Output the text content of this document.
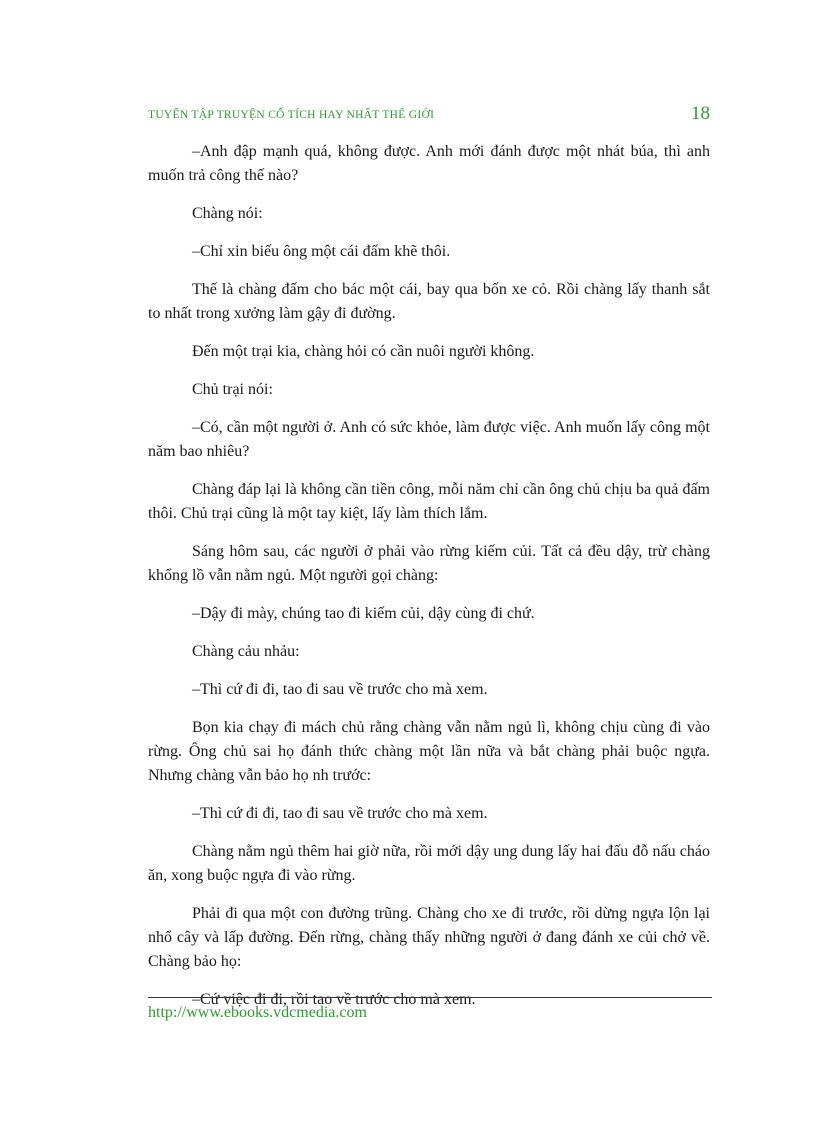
TUYỂN TẬP TRUYỆN CỔ TÍCH HAY NHẤT THẾ GIỚI	18

–Anh đập mạnh quá, không được. Anh mới đánh được một nhát búa, thì anh muốn trả công thế nào?

Chàng nói:

–Chỉ xin biếu ông một cái đấm khẽ thôi.

Thế là chàng đấm cho bác một cái, bay qua bốn xe cỏ. Rồi chàng lấy thanh sắt to nhất trong xưởng làm gậy đi đường.

Đến một trại kia, chàng hỏi có cần nuôi người không.

Chủ trại nói:

–Có, cần một người ở. Anh có sức khỏe, làm được việc. Anh muốn lấy công một năm bao nhiêu?

Chàng đáp lại là không cần tiền công, mỗi năm chỉ cần ông chủ chịu ba quả đấm thôi. Chủ trại cũng là một tay kiệt, lấy làm thích lắm.

Sáng hôm sau, các người ở phải vào rừng kiếm củi. Tất cả đều dậy, trừ chàng khổng lồ vẫn nằm ngủ. Một người gọi chàng:

–Dậy đi mày, chúng tao đi kiếm củi, dậy cùng đi chứ.

Chàng cảu nhảu:

–Thì cứ đi đi, tao đi sau về trước cho mà xem.

Bọn kia chạy đi mách chủ rằng chàng vẫn nằm ngủ lì, không chịu cùng đi vào rừng. Ông chủ sai họ đánh thức chàng một lần nữa và bắt chàng phải buộc ngựa. Nhưng chàng vẫn bảo họ nh trước:

–Thì cứ đi đi, tao đi sau về trước cho mà xem.

Chàng nằm ngủ thêm hai giờ nữa, rồi mới dậy ung dung lấy hai đấu đỗ nấu cháo ăn, xong buộc ngựa đi vào rừng.

Phải đi qua một con đường trũng. Chàng cho xe đi trước, rồi dừng ngựa lộn lại nhổ cây và lấp đường. Đến rừng, chàng thấy những người ở đang đánh xe củi chở về. Chàng bảo họ:

–Cứ việc đi đi, rồi tao về trước cho mà xem.

http://www.ebooks.vdcmedia.com
